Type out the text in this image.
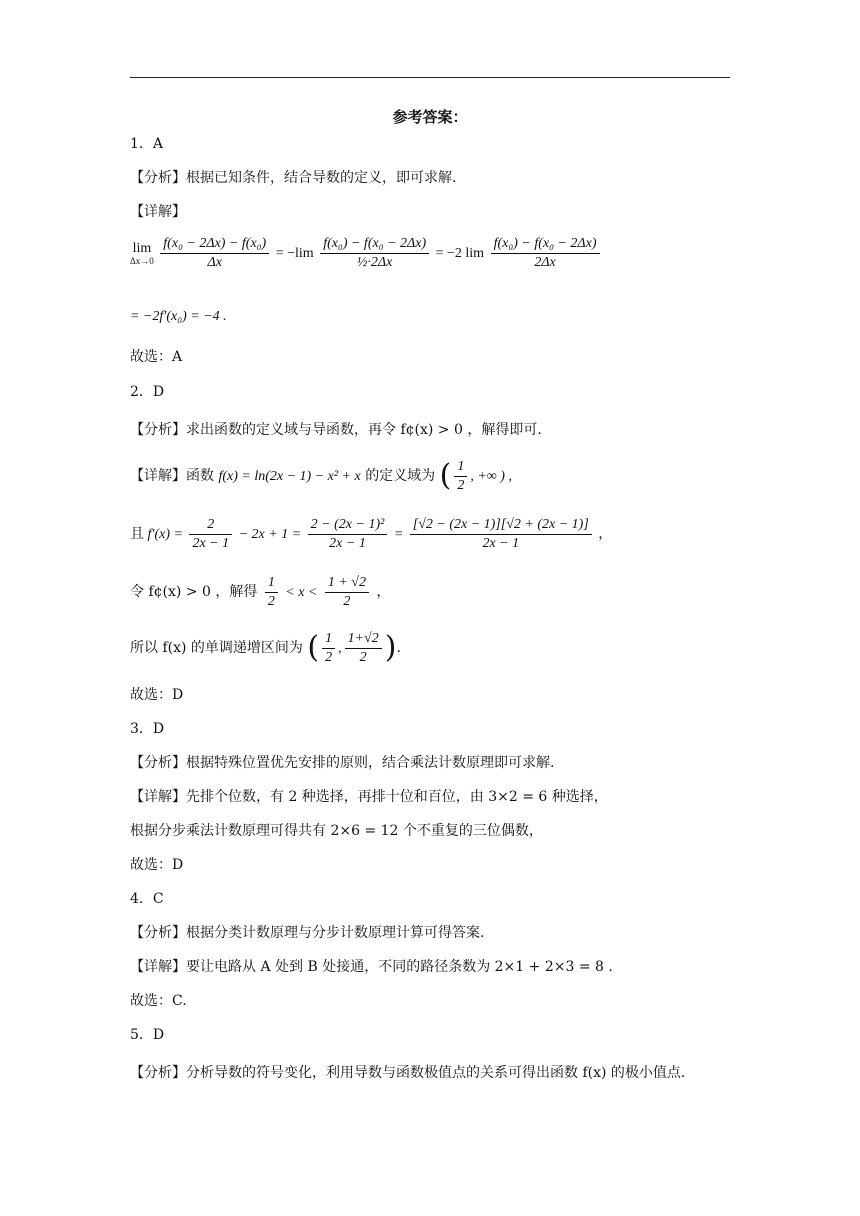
参考答案：
1．A
【分析】根据已知条件，结合导数的定义，即可求解.
【详解】
lim
Δx→0
$\frac{\text{f(x₀ − 2Δx) − f(x₀)}}{\Delta x} = -\lim \frac{\text{f(x₀) − f(x₀ − 2Δx)}}{\text{½·2Δx}} = -2$ $\lim \frac{\text{f(x₀) − f(x₀ − 2Δx)}}{2\Delta x}$
= −2f′(x₀) = −4 .
故选：A
2．D
【分析】求出函数的定义域与导函数，再令 f¢(x) > 0 ，解得即可.
【详解】函数 f(x) = ln(2x − 1) − x² + x 的定义域为 ( $\frac{1}{2}$ , +∞ ) ,
且 $f'(x) = \frac{2}{2x - 1} - 2x + 1 = \frac{\text{2 − (2x − 1)²}}{2x - 1} = \frac{[√2 - (2x - 1)][√2 + (2x - 1)]}{2x - 1}$ ，
令 f¢(x) > 0 ，解得 $\frac{1}{2} < x < \frac{1 + √2}{2}$ ，
所以 f(x) 的单调递增区间为 ( $\frac{1}{2}$ , $\frac{1+√2}{2}$ ).
故选：D
3．D
【分析】根据特殊位置优先安排的原则，结合乘法计数原理即可求解.
【详解】先排个位数，有 2 种选择，再排十位和百位，由 3×2 = 6 种选择，
根据分步乘法计数原理可得共有 2×6 = 12 个不重复的三位偶数，
故选：D
4．C
【分析】根据分类计数原理与分步计数原理计算可得答案.
【详解】要让电路从 A 处到 B 处接通，不同的路径条数为 2×1 + 2×3 = 8 .
故选：C.
5．D
【分析】分析导数的符号变化，利用导数与函数极值点的关系可得出函数 f(x) 的极小值点.
